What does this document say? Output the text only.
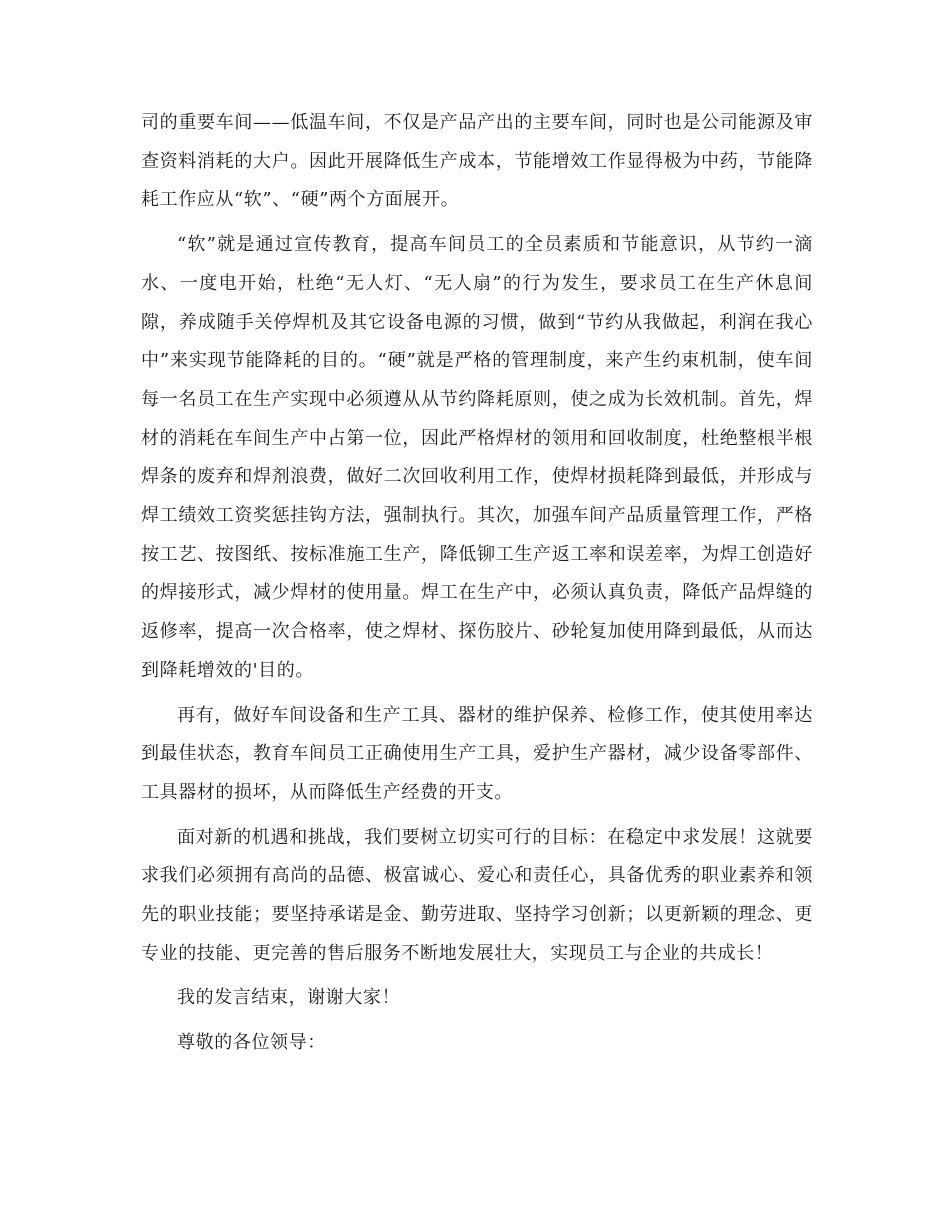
司的重要车间——低温车间，不仅是产品产出的主要车间，同时也是公司能源及审查资料消耗的大户。因此开展降低生产成本，节能增效工作显得极为中药，节能降耗工作应从“软”、“硬”两个方面展开。

“软”就是通过宣传教育，提高车间员工的全员素质和节能意识，从节约一滴水、一度电开始，杜绝“无人灯、“无人扇”的行为发生，要求员工在生产休息间隙，养成随手关停焊机及其它设备电源的习惯，做到“节约从我做起，利润在我心中”来实现节能降耗的目的。“硬”就是严格的管理制度，来产生约束机制，使车间每一名员工在生产实现中必须遵从从节约降耗原则，使之成为长效机制。首先，焊材的消耗在车间生产中占第一位，因此严格焊材的领用和回收制度，杜绝整根半根焊条的废弃和焊剂浪费，做好二次回收利用工作，使焊材损耗降到最低，并形成与焊工绩效工资奖惩挂钩方法，强制执行。其次，加强车间产品质量管理工作，严格按工艺、按图纸、按标准施工生产，降低铆工生产返工率和误差率，为焊工创造好的焊接形式，减少焊材的使用量。焊工在生产中，必须认真负责，降低产品焊缝的返修率，提高一次合格率，使之焊材、探伤胶片、砂轮复加使用降到最低，从而达到降耗增效的'目的。

再有，做好车间设备和生产工具、器材的维护保养、检修工作，使其使用率达到最佳状态，教育车间员工正确使用生产工具，爱护生产器材，减少设备零部件、工具器材的损坏，从而降低生产经费的开支。

面对新的机遇和挑战，我们要树立切实可行的目标：在稳定中求发展！这就要求我们必须拥有高尚的品德、极富诚心、爱心和责任心，具备优秀的职业素养和领先的职业技能；要坚持承诺是金、勤劳进取、坚持学习创新；以更新颖的理念、更专业的技能、更完善的售后服务不断地发展壮大，实现员工与企业的共成长！

我的发言结束，谢谢大家！

尊敬的各位领导：
